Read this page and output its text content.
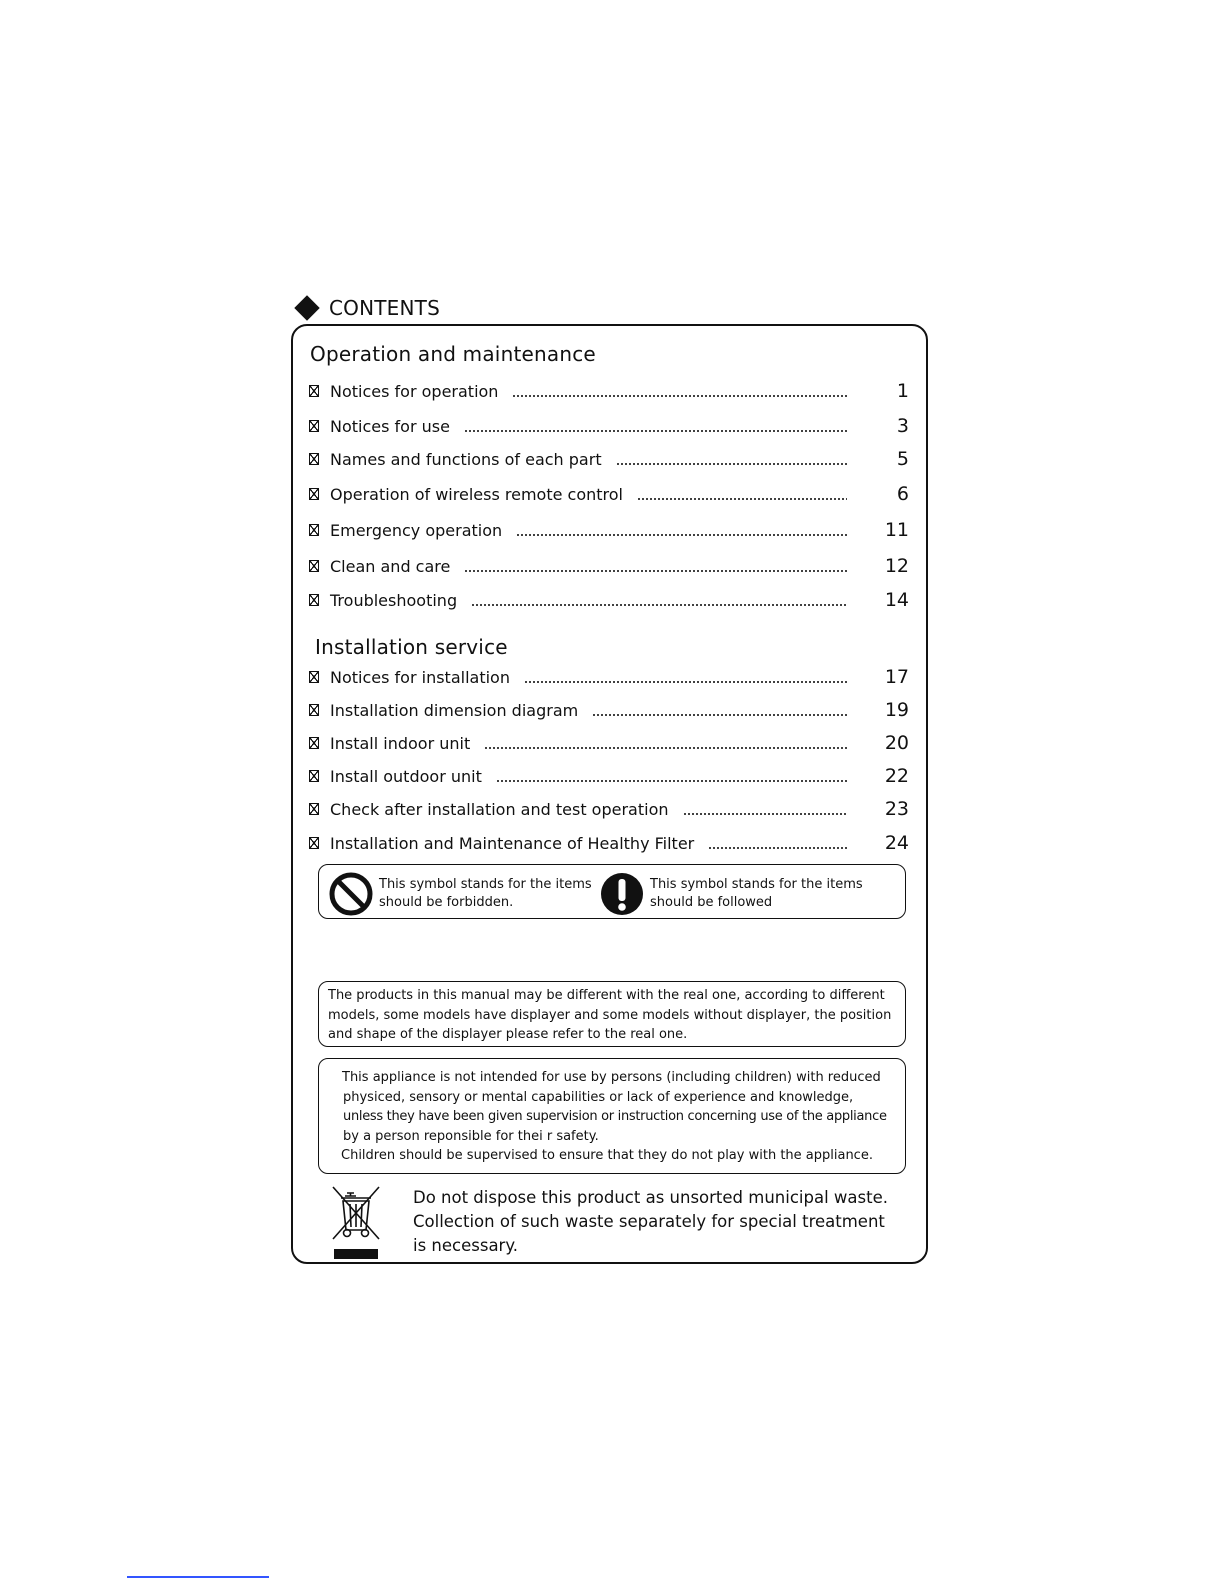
CONTENTS
Operation and maintenance
Notices for operation	1
Notices for use	3
Names and functions of each part	5
Operation of wireless remote control	6
Emergency operation	11
Clean and care	12
Troubleshooting	14
Installation service
Notices for installation	17
Installation dimension diagram	19
Install indoor unit	20
Install outdoor unit	22
Check after installation and test operation	23
Installation and Maintenance of Healthy Filter	24
This symbol stands for the items
should be forbidden.
This symbol stands for the items
should be followed
The products in this manual may be different with the real one, according to different
models, some models have displayer and some models without displayer, the position
and shape of the displayer please refer to the real one.
This appliance is not intended for use by persons (including children) with reduced
physiced, sensory or mental capabilities or lack of experience and knowledge,
unless they have been given supervision or instruction concerning use of the appliance
by a person reponsible for thei r safety.
Children should be supervised to ensure that they do not play with the appliance.
Do not dispose this product as unsorted municipal waste.
Collection of such waste separately for special treatment
is necessary.
